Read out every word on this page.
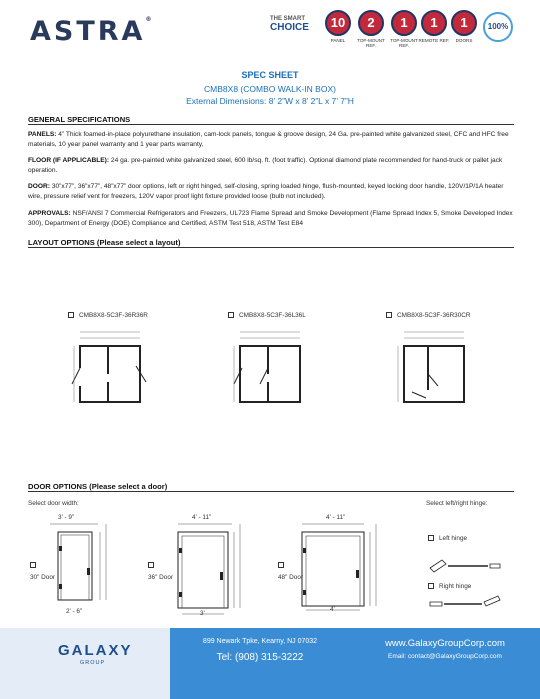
ASTRA®	THE SMART
CHOICE	10
PANEL
2
TOP-MOUNT REF.
1
TOP-MOUNT REF.
1
REMOTE REF.
1
DOORS
100%
SPEC SHEET
CMB8X8 (COMBO WALK-IN BOX)
External Dimensions: 8’ 2”W x 8’ 2”L x 7’ 7”H
GENERAL SPECIFICATIONS
PANELS: 4” Thick foamed-in-place polyurethane insulation, cam-lock panels, tongue & groove design, 24 Ga. pre-painted white galvanized steel, CFC and HFC free materials, 10 year panel warranty and 1 year parts warranty,
FLOOR (IF APPLICABLE): 24 ga. pre-painted white galvanized steel, 600 lb/sq. ft. (foot traffic). Optional diamond plate recommended for hand-truck or pallet jack operation.
DOOR: 30”x77”, 36”x77”, 48”x77” door options, left or right hinged, self-closing, spring loaded hinge, flush-mounted, keyed locking door handle, 120V/1P/1A heater wire, pressure relief vent for freezers, 120V vapor proof light fixture provided loose (bulb not included).
APPROVALS: NSF/ANSI 7 Commercial Refrigerators and Freezers, UL723 Flame Spread and Smoke Development (Flame Spread Index 5, Smoke Developed Index 300), Department of Energy (DOE) Compliance and Certified, ASTM Test 518, ASTM Test E84
LAYOUT OPTIONS (Please select a layout)
CMB8X8-5C3F-36R36R	CMB8X8-5C3F-36L36L	CMB8X8-5C3F-36R30CR
DOOR OPTIONS (Please select a door)
Select door width:	Select left/right hinge:
3’ - 9”
30" Door
2’ - 6”
4’ - 11”
36" Door
3’
4’ - 11”
48" Door
4’
Left hinge
Right hinge
GALAXY
GROUP
899 Newark Tpke, Kearny, NJ 07032
Tel: (908) 315-3222
www.GalaxyGroupCorp.com
Email: contact@GalaxyGroupCorp.com
